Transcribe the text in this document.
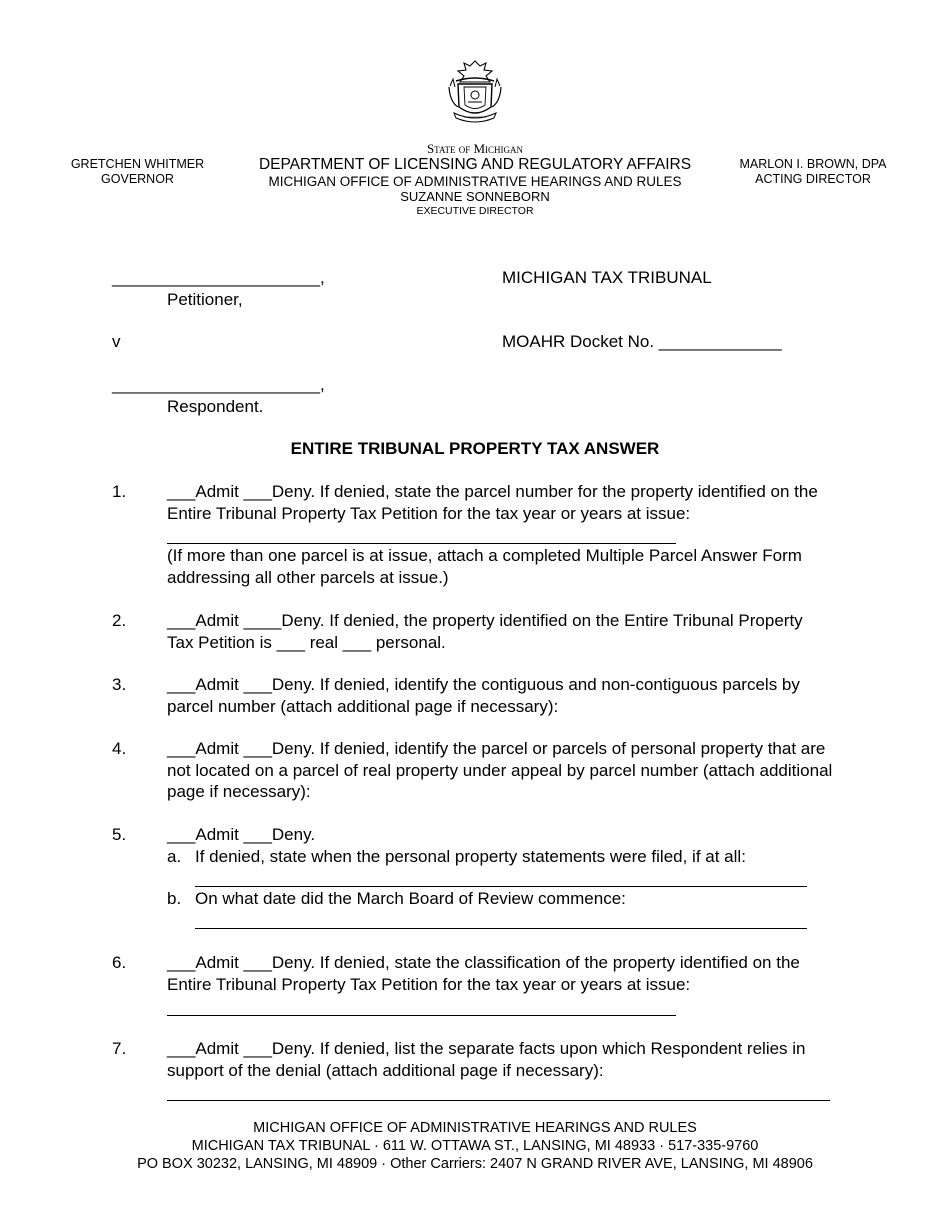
GRETCHEN WHITMER
GOVERNOR
State of Michigan
DEPARTMENT OF LICENSING AND REGULATORY AFFAIRS
MICHIGAN OFFICE OF ADMINISTRATIVE HEARINGS AND RULES
SUZANNE SONNEBORN
EXECUTIVE DIRECTOR
MARLON I. BROWN, DPA
ACTING DIRECTOR
______________________,
Petitioner,
MICHIGAN TAX TRIBUNAL
v	MOAHR Docket No. _____________
______________________,
Respondent.
ENTIRE TRIBUNAL PROPERTY TAX ANSWER
1. ___Admit ___Deny. If denied, state the parcel number for the property identified on the Entire Tribunal Property Tax Petition for the tax year or years at issue:
(If more than one parcel is at issue, attach a completed Multiple Parcel Answer Form addressing all other parcels at issue.)
2. ___Admit ____Deny. If denied, the property identified on the Entire Tribunal Property Tax Petition is ___ real ___ personal.
3. ___Admit ___Deny. If denied, identify the contiguous and non-contiguous parcels by parcel number (attach additional page if necessary):
4. ___Admit ___Deny. If denied, identify the parcel or parcels of personal property that are not located on a parcel of real property under appeal by parcel number (attach additional page if necessary):
5. ___Admit ___Deny.
a. If denied, state when the personal property statements were filed, if at all:
b. On what date did the March Board of Review commence:
6. ___Admit ___Deny. If denied, state the classification of the property identified on the Entire Tribunal Property Tax Petition for the tax year or years at issue:
7. ___Admit ___Deny. If denied, list the separate facts upon which Respondent relies in support of the denial (attach additional page if necessary):
MICHIGAN OFFICE OF ADMINISTRATIVE HEARINGS AND RULES
MICHIGAN TAX TRIBUNAL · 611 W. OTTAWA ST., LANSING, MI 48933 · 517-335-9760
PO BOX 30232, LANSING, MI 48909 · Other Carriers: 2407 N GRAND RIVER AVE, LANSING, MI 48906
